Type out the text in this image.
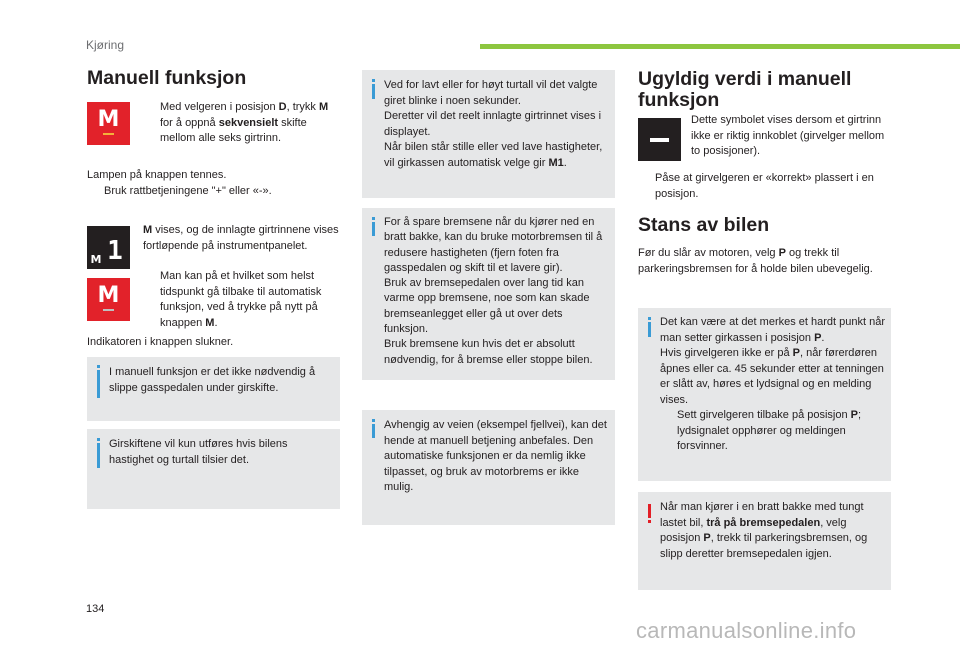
Kjøring
Manuell funksjon
M	Med velgeren i posisjon D, trykk M for å oppnå sekvensielt skifte mellom alle seks girtrinn.

Lampen på knappen tennes.

Bruk rattbetjeningene "+" eller «-».
1
M

M vises, og de innlagte girtrinnene vises fortløpende på instrumentpanelet.

M
Man kan på et hvilket som helst tidspunkt gå tilbake til automatisk funksjon, ved å trykke på nytt på knappen M.
Indikatoren i knappen slukner.
I manuell funksjon er det ikke nødvendig å slippe gasspedalen under girskifte.
Girskiftene vil kun utføres hvis bilens hastighet og turtall tilsier det.

Ved for lavt eller for høyt turtall vil det valgte giret blinke i noen sekunder.

Deretter vil det reelt innlagte girtrinnet vises i displayet.

Når bilen står stille eller ved lave hastigheter, vil girkassen automatisk velge gir M1.

For å spare bremsene når du kjører ned en bratt bakke, kan du bruke motorbremsen til å redusere hastigheten (fjern foten fra gasspedalen og skift til et lavere gir).

Bruk av bremsepedalen over lang tid kan varme opp bremsene, noe som kan skade bremseanlegget eller gå ut over dets funksjon.

Bruk bremsene kun hvis det er absolutt nødvendig, for å bremse eller stoppe bilen.

Avhengig av veien (eksempel fjellvei), kan det hende at manuell betjening anbefales. Den automatiske funksjonen er da nemlig ikke tilpasset, og bruk av motorbrems er ikke mulig.
Ugyldig verdi i manuell
funksjon
Dette symbolet vises dersom et girtrinn ikke er riktig innkoblet (girvelger mellom to posisjoner).
Påse at girvelgeren er «korrekt» plassert i en posisjon.
Stans av bilen

Før du slår av motoren, velg P og trekk til parkeringsbremsen for å holde bilen ubevegelig.

Det kan være at det merkes et hardt punkt når man setter girkassen i posisjon P.

Hvis girvelgeren ikke er på P, når førerdøren åpnes eller ca. 45 sekunder etter at tenningen er slått av, høres et lydsignal og en melding vises.

Sett girvelgeren tilbake på posisjon P; lydsignalet opphører og meldingen forsvinner.

Når man kjører i en bratt bakke med tungt lastet bil, trå på bremsepedalen, velg posisjon P, trekk til parkeringsbremsen, og slipp deretter bremsepedalen igjen.

134
carmanualsonline.info
